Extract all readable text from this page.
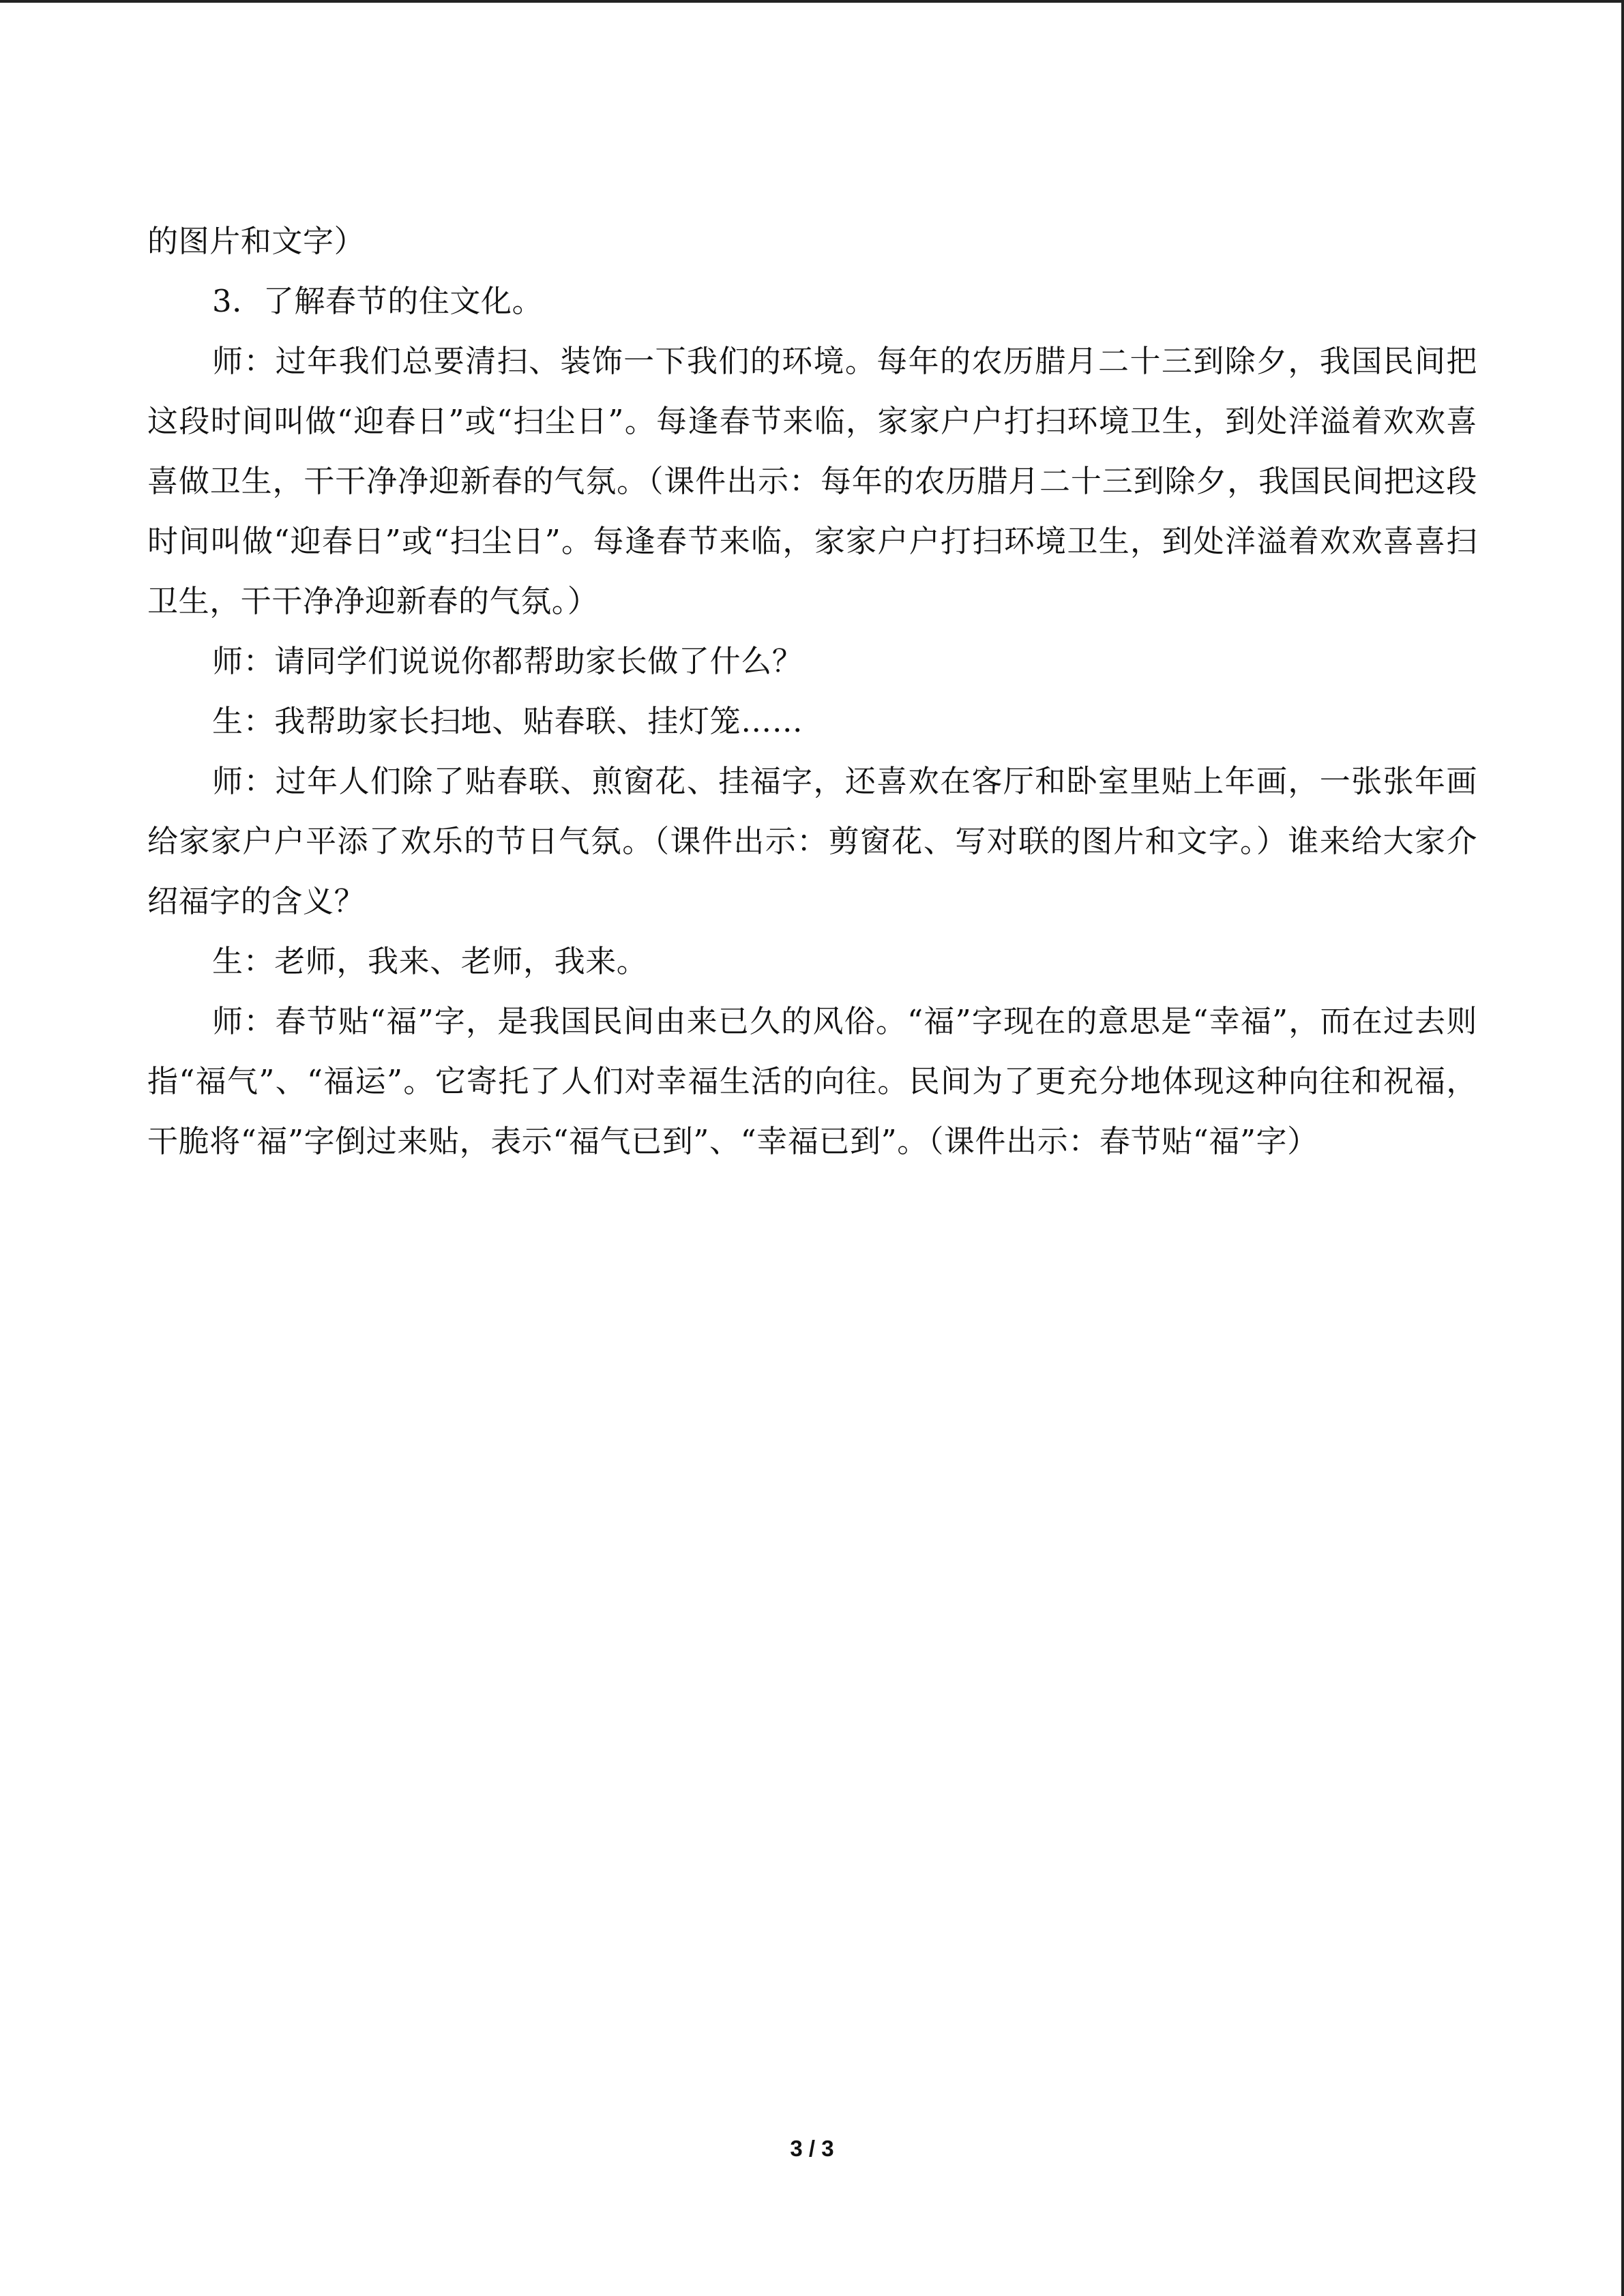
的图片和文字）

3．了解春节的住文化。

师：过年我们总要清扫、装饰一下我们的环境。每年的农历腊月二十三到除夕，我国民间把这段时间叫做“迎春日”或“扫尘日”。每逢春节来临，家家户户打扫环境卫生，到处洋溢着欢欢喜喜做卫生，干干净净迎新春的气氛。（课件出示：每年的农历腊月二十三到除夕，我国民间把这段时间叫做“迎春日”或“扫尘日”。每逢春节来临，家家户户打扫环境卫生，到处洋溢着欢欢喜喜扫卫生，干干净净迎新春的气氛。）

师：请同学们说说你都帮助家长做了什么？

生：我帮助家长扫地、贴春联、挂灯笼……

师：过年人们除了贴春联、煎窗花、挂福字，还喜欢在客厅和卧室里贴上年画，一张张年画给家家户户平添了欢乐的节日气氛。（课件出示：剪窗花、写对联的图片和文字。）谁来给大家介绍福字的含义？

生：老师，我来、老师，我来。

师：春节贴“福”字，是我国民间由来已久的风俗。“福”字现在的意思是“幸福”，而在过去则指“福气”、“福运”。它寄托了人们对幸福生活的向往。民间为了更充分地体现这种向往和祝福，干脆将“福”字倒过来贴，表示“福气已到”、“幸福已到”。（课件出示：春节贴“福”字）

3 / 3
